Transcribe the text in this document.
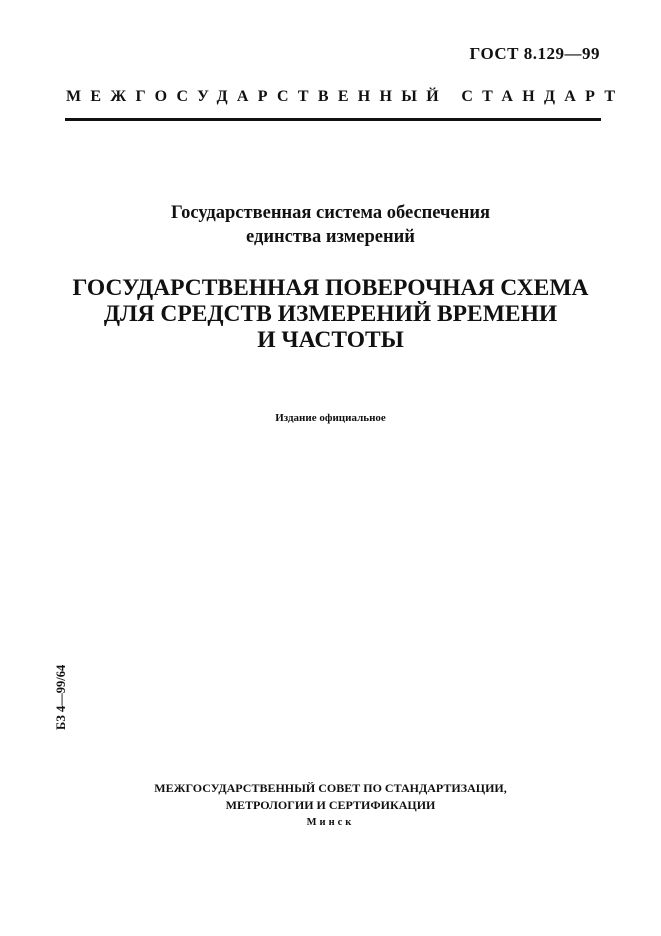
ГОСТ 8.129—99
МЕЖГОСУДАРСТВЕННЫЙ СТАНДАРТ
Государственная система обеспечения
единства измерений
ГОСУДАРСТВЕННАЯ ПОВЕРОЧНАЯ СХЕМА
ДЛЯ СРЕДСТВ ИЗМЕРЕНИЙ ВРЕМЕНИ
И ЧАСТОТЫ
Издание официальное
БЗ 4—99/64
МЕЖГОСУДАРСТВЕННЫЙ СОВЕТ ПО СТАНДАРТИЗАЦИИ,
МЕТРОЛОГИИ И СЕРТИФИКАЦИИ
Минск
